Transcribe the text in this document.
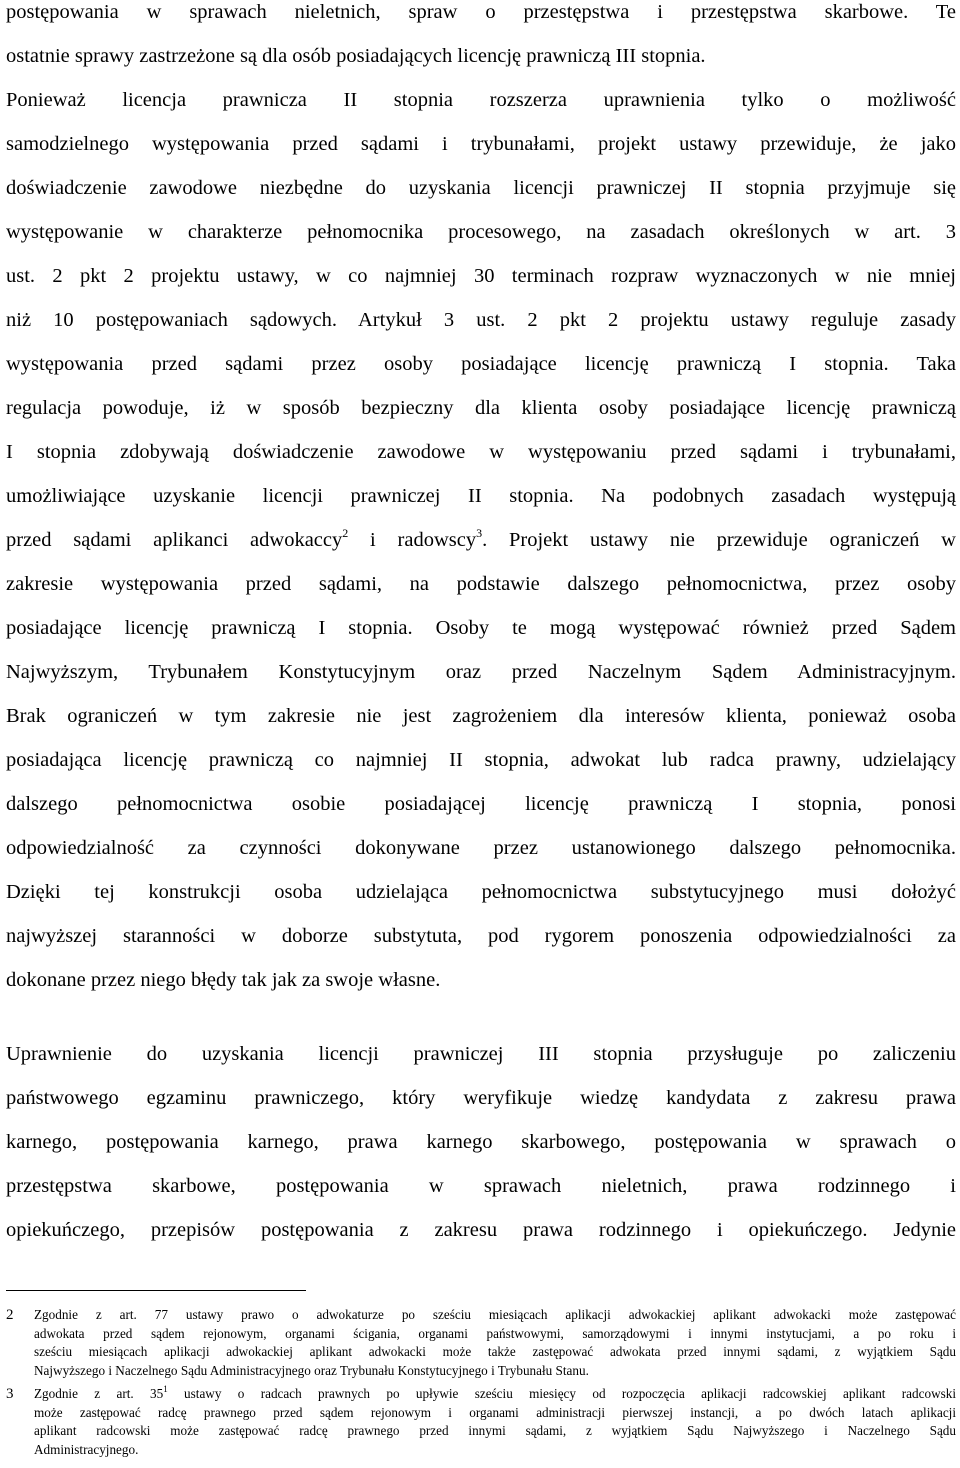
postępowania w sprawach nieletnich, spraw o przestępstwa i przestępstwa skarbowe. Te
ostatnie sprawy zastrzeżone są dla osób posiadających licencję prawniczą III stopnia.
Ponieważ licencja prawnicza II stopnia rozszerza uprawnienia tylko o możliwość
samodzielnego występowania przed sądami i trybunałami, projekt ustawy przewiduje, że jako
doświadczenie zawodowe niezbędne do uzyskania licencji prawniczej II stopnia przyjmuje się
występowanie w charakterze pełnomocnika procesowego, na zasadach określonych w art. 3
ust. 2 pkt 2 projektu ustawy, w co najmniej 30 terminach rozpraw wyznaczonych w nie mniej
niż 10 postępowaniach sądowych. Artykuł 3 ust. 2 pkt 2 projektu ustawy reguluje zasady
występowania przed sądami przez osoby posiadające licencję prawniczą I stopnia. Taka
regulacja powoduje, iż w sposób bezpieczny dla klienta osoby posiadające licencję prawniczą
I stopnia zdobywają doświadczenie zawodowe w występowaniu przed sądami i trybunałami,
umożliwiające uzyskanie licencji prawniczej II stopnia. Na podobnych zasadach występują
przed sądami aplikanci adwokaccy$^2$ i radowscy$^3$. Projekt ustawy nie przewiduje ograniczeń w
zakresie występowania przed sądami, na podstawie dalszego pełnomocnictwa, przez osoby
posiadające licencję prawniczą I stopnia. Osoby te mogą występować również przed Sądem
Najwyższym, Trybunałem Konstytucyjnym oraz przed Naczelnym Sądem Administracyjnym.
Brak ograniczeń w tym zakresie nie jest zagrożeniem dla interesów klienta, ponieważ osoba
posiadająca licencję prawniczą co najmniej II stopnia, adwokat lub radca prawny, udzielający
dalszego pełnomocnictwa osobie posiadającej licencję prawniczą I stopnia, ponosi
odpowiedzialność za czynności dokonywane przez ustanowionego dalszego pełnomocnika.
Dzięki tej konstrukcji osoba udzielająca pełnomocnictwa substytucyjnego musi dołożyć
najwyższej staranności w doborze substytuta, pod rygorem ponoszenia odpowiedzialności za
dokonane przez niego błędy tak jak za swoje własne.
Uprawnienie do uzyskania licencji prawniczej III stopnia przysługuje po zaliczeniu
państwowego egzaminu prawniczego, który weryfikuje wiedzę kandydata z zakresu prawa
karnego, postępowania karnego, prawa karnego skarbowego, postępowania w sprawach o
przestępstwa skarbowe, postępowania w sprawach nieletnich, prawa rodzinnego i
opiekuńczego, przepisów postępowania z zakresu prawa rodzinnego i opiekuńczego. Jedynie
2 Zgodnie z art. 77 ustawy prawo o adwokaturze po sześciu miesiącach aplikacji adwokackiej aplikant adwokacki może zastępować
adwokata przed sądem rejonowym, organami ścigania, organami państwowymi, samorządowymi i innymi instytucjami, a po roku i
sześciu miesiącach aplikacji adwokackiej aplikant adwokacki może także zastępować adwokata przed innymi sądami, z wyjątkiem Sądu
Najwyższego i Naczelnego Sądu Administracyjnego oraz Trybunału Konstytucyjnego i Trybunału Stanu.
3 Zgodnie z art. $35^1$ ustawy o radcach prawnych po upływie sześciu miesięcy od rozpoczęcia aplikacji radcowskiej aplikant radcowski
może zastępować radcę prawnego przed sądem rejonowym i organami administracji pierwszej instancji, a po dwóch latach aplikacji
aplikant radcowski może zastępować radcę prawnego przed innymi sądami, z wyjątkiem Sądu Najwyższego i Naczelnego Sądu
Administracyjnego.
